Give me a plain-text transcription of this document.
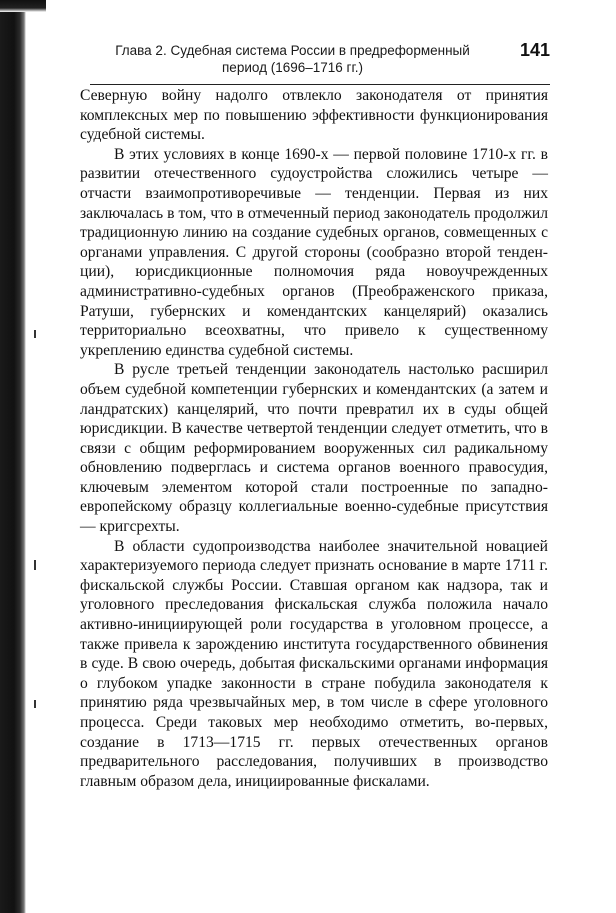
Глава 2. Судебная система России в предреформенный
период (1696–1716 гг.)
141

Северную войну надолго отвлекло законодателя от принятия комплексных мер по повышению эффективности функционирования судебной системы.

В этих условиях в конце 1690-х — первой половине 1710-х гг. в развитии отечественного судоустройства сложились четыре — отчасти взаимопротиворечивые — тенденции. Первая из них заключалась в том, что в отмеченный период законодатель продолжил традиционную линию на создание судебных органов, совмещенных с органами управления. С другой стороны (сообразно второй тенденции), юрисдикционные полномочия ряда новоучрежденных административно-судебных органов (Преображенского приказа, Ратуши, губернских и комендантских канцелярий) оказались территориально всеохватны, что привело к существенному укреплению единства судебной системы.

В русле третьей тенденции законодатель настолько расширил объем судебной компетенции губернских и комендантских (а затем и ландратских) канцелярий, что почти превратил их в суды общей юрисдикции. В качестве четвертой тенденции следует отметить, что в связи с общим реформированием вооруженных сил радикальному обновлению подверглась и система органов военного правосудия, ключевым элементом которой стали построенные по западноевропейскому образцу коллегиальные военно-судебные присутствия — кригсрехты.

В области судопроизводства наиболее значительной новацией характеризуемого периода следует признать основание в марте 1711 г. фискальской службы России. Ставшая органом как надзора, так и уголовного преследования фискальская служба положила начало активно-инициирующей роли государства в уголовном процессе, а также привела к зарождению института государственного обвинения в суде. В свою очередь, добытая фискальскими органами информация о глубоком упадке законности в стране побудила законодателя к принятию ряда чрезвычайных мер, в том числе в сфере уголовного процесса. Среди таковых мер необходимо отметить, во-первых, создание в 1713—1715 гг. первых отечественных органов предварительного расследования, получивших в производство главным образом дела, инициированные фискалами.
